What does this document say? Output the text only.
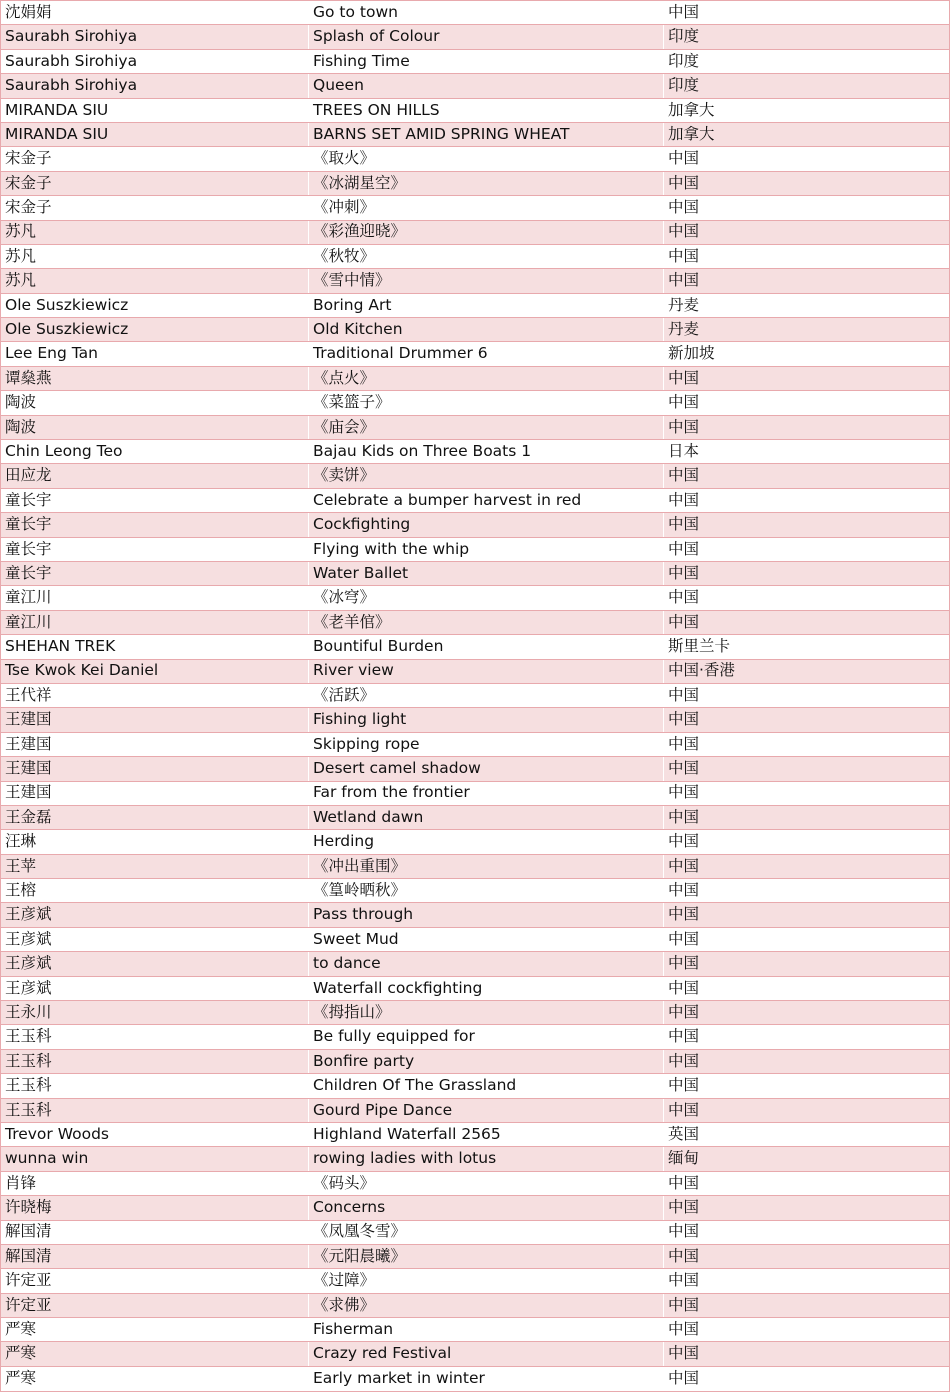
沈娟娟	Go to town	中国
Saurabh Sirohiya	Splash of Colour	印度
Saurabh Sirohiya	Fishing Time	印度
Saurabh Sirohiya	Queen	印度
MIRANDA SIU	TREES ON HILLS	加拿大
MIRANDA SIU	BARNS SET AMID SPRING WHEAT	加拿大
宋金子	《取火》	中国
宋金子	《冰湖星空》	中国
宋金子	《冲刺》	中国
苏凡	《彩渔迎晓》	中国
苏凡	《秋牧》	中国
苏凡	《雪中情》	中国
Ole Suszkiewicz	Boring Art	丹麦
Ole Suszkiewicz	Old Kitchen	丹麦
Lee Eng Tan	Traditional Drummer 6	新加坡
谭燊燕	《点火》	中国
陶波	《菜篮子》	中国
陶波	《庙会》	中国
Chin Leong Teo	Bajau Kids on Three Boats 1	日本
田应龙	《卖饼》	中国
童长宇	Celebrate a bumper harvest in red	中国
童长宇	Cockfighting	中国
童长宇	Flying with the whip	中国
童长宇	Water Ballet	中国
童江川	《冰穹》	中国
童江川	《老羊倌》	中国
SHEHAN TREK	Bountiful Burden	斯里兰卡
Tse Kwok Kei Daniel	River view	中国·香港
王代祥	《活跃》	中国
王建国	Fishing light	中国
王建国	Skipping rope	中国
王建国	Desert camel shadow	中国
王建国	Far from the frontier	中国
王金磊	Wetland dawn	中国
汪琳	Herding	中国
王苹	《冲出重围》	中国
王榕	《篁岭晒秋》	中国
王彦斌	Pass through	中国
王彦斌	Sweet Mud	中国
王彦斌	to dance	中国
王彦斌	Waterfall cockfighting	中国
王永川	《拇指山》	中国
王玉科	Be fully equipped for	中国
王玉科	Bonfire party	中国
王玉科	Children Of The Grassland	中国
王玉科	Gourd Pipe Dance	中国
Trevor Woods	Highland Waterfall 2565	英国
wunna win	rowing ladies with lotus	缅甸
肖锋	《码头》	中国
许晓梅	Concerns	中国
解国清	《凤凰冬雪》	中国
解国清	《元阳晨曦》	中国
许定亚	《过障》	中国
许定亚	《求佛》	中国
严寒	Fisherman	中国
严寒	Crazy red Festival	中国
严寒	Early market in winter	中国
